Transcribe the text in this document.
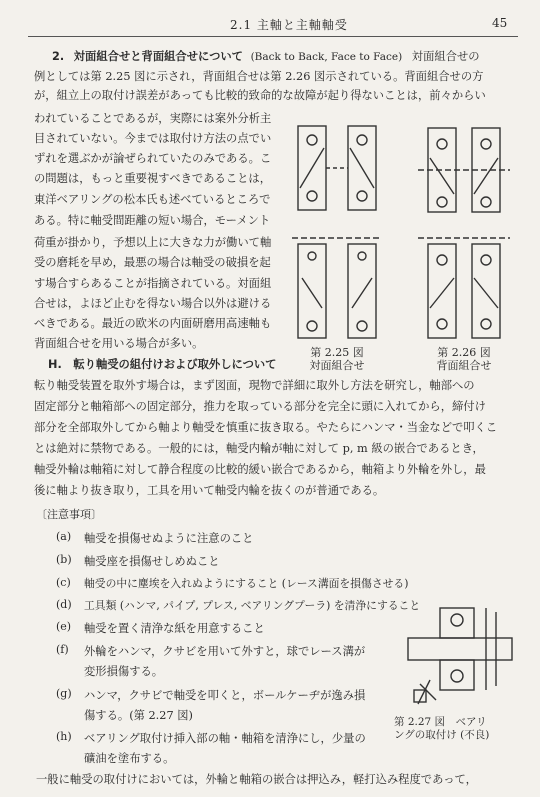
2.1 主軸と主軸軸受	45
2. 対面組合せと背面組合せについて (Back to Back, Face to Face) 対面組合せの
例としては第 2.25 図に示され，背面組合せは第 2.26 図示されている。背面組合せの方
が，組立上の取付け誤差があっても比較的致命的な故障が起り得ないことは，前々からい
われていることであるが，実際には案外分析主
目されていない。今までは取付け方法の点でい
ずれを選ぶかが論ぜられていたのみである。こ
の問題は，もっと重要視すべきであることは，
東洋ベアリングの松本氏も述べているところで
ある。特に軸受間距離の短い場合，モーメント
荷重が掛かり，予想以上に大きな力が働いて軸
受の磨耗を早め，最悪の場合は軸受の破損を起
す場合すらあることが指摘されている。対面組
合せは，よほど止むを得ない場合以外は避ける
べきである。最近の欧米の内面研磨用高速軸も
背面組合せを用いる場合が多い。
第 2.25 図
対面組合せ
第 2.26 図
背面組合せ
H. 転り軸受の組付けおよび取外しについて
転り軸受装置を取外す場合は，まず図面，現物で詳細に取外し方法を研究し，軸部への
固定部分と軸箱部への固定部分，推力を取っている部分を完全に頭に入れてから，締付け
部分を全部取外してから軸より軸受を慎重に抜き取る。やたらにハンマ・当金などで叩くこ
とは絶対に禁物である。一般的には，軸受内輪が軸に対して p, m 級の嵌合であるとき，
軸受外輪は軸箱に対して静合程度の比較的緩い嵌合であるから，軸箱より外輪を外し，最
後に軸より抜き取り，工具を用いて軸受内輪を抜くのが普通である。
〔注意事項〕
(a) 軸受を損傷せぬように注意のこと
(b) 軸受座を損傷せしめぬこと
(c) 軸受の中に塵埃を入れぬようにすること (レース溝面を損傷させる)
(d) 工具類 (ハンマ, パイプ, プレス, ベアリングプーラ) を清浄にすること
(e) 軸受を置く清浄な紙を用意すること
(f) 外輪をハンマ，クサビを用いて外すと，球でレース溝が
変形損傷する。
(g) ハンマ，クサビで軸受を叩くと，ボールケーヂが逸み損
傷する。(第 2.27 図)
(h) ベアリング取付け挿入部の軸・軸箱を清浄にし，少量の
礦油を塗布する。
第 2.27 図　ベアリ
ングの取付け (不良)
一般に軸受の取付けにおいては，外輪と軸箱の嵌合は押込み，軽打込み程度であって，
